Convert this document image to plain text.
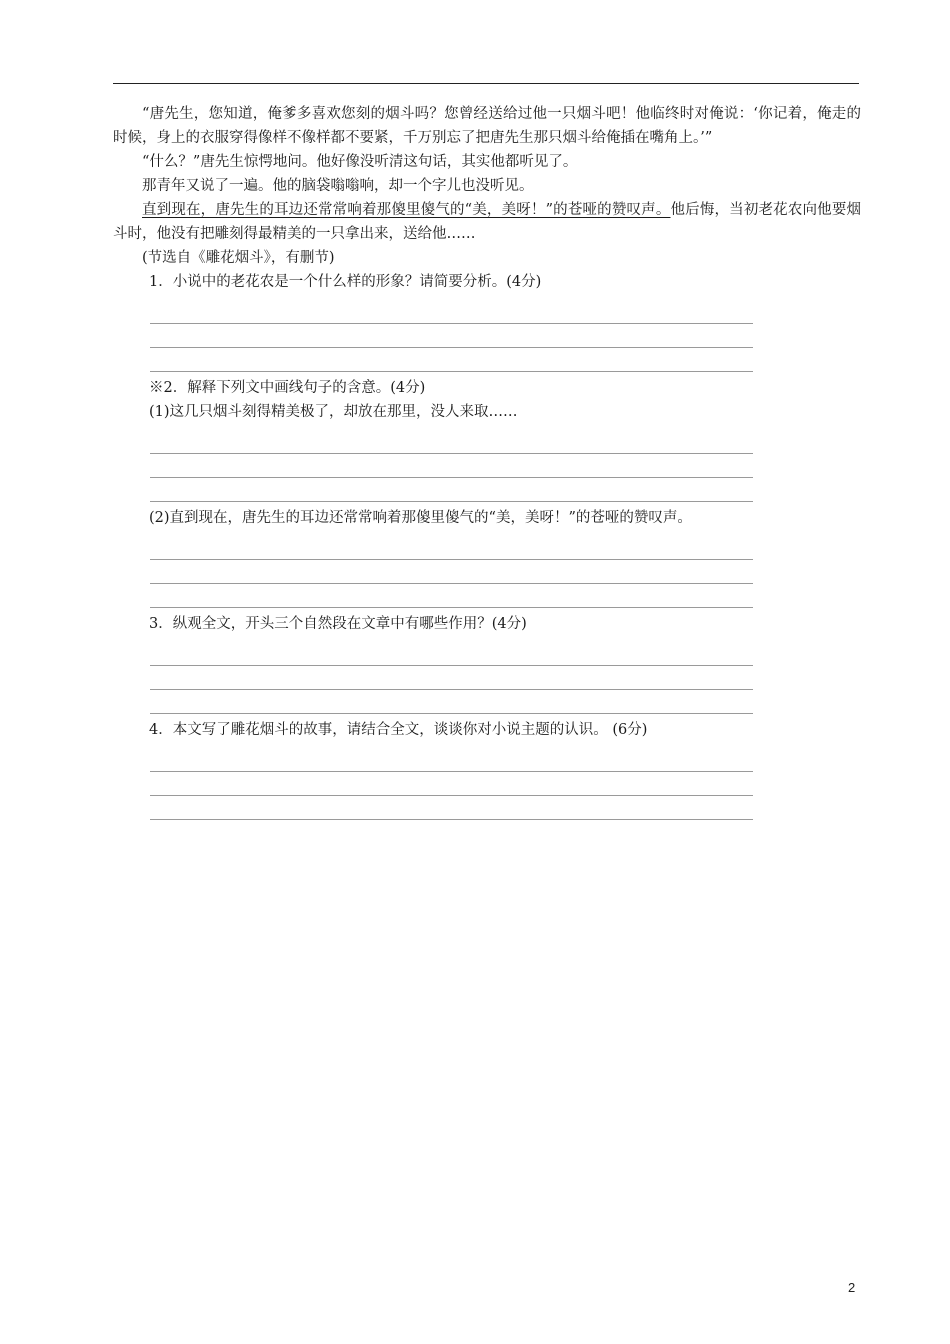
“唐先生，您知道，俺爹多喜欢您刻的烟斗吗？您曾经送给过他一只烟斗吧！他临终时对俺说：‘你记着，俺走的时候，身上的衣服穿得像样不像样都不要紧，千万别忘了把唐先生那只烟斗给俺插在嘴角上。’”

“什么？”唐先生惊愕地问。他好像没听清这句话，其实他都听见了。

那青年又说了一遍。他的脑袋嗡嗡响，却一个字儿也没听见。

直到现在，唐先生的耳边还常常响着那傻里傻气的“美，美呀！”的苍哑的赞叹声。他后悔，当初老花农向他要烟斗时，他没有把雕刻得最精美的一只拿出来，送给他……

(节选自《雕花烟斗》，有删节)

1．小说中的老花农是一个什么样的形象？请简要分析。(4分)

※2．解释下列文中画线句子的含意。(4分)

(1)这几只烟斗刻得精美极了，却放在那里，没人来取……

(2)直到现在，唐先生的耳边还常常响着那傻里傻气的“美，美呀！”的苍哑的赞叹声。

3．纵观全文，开头三个自然段在文章中有哪些作用？(4分)

4．本文写了雕花烟斗的故事，请结合全文，谈谈你对小说主题的认识。 (6分)

2
